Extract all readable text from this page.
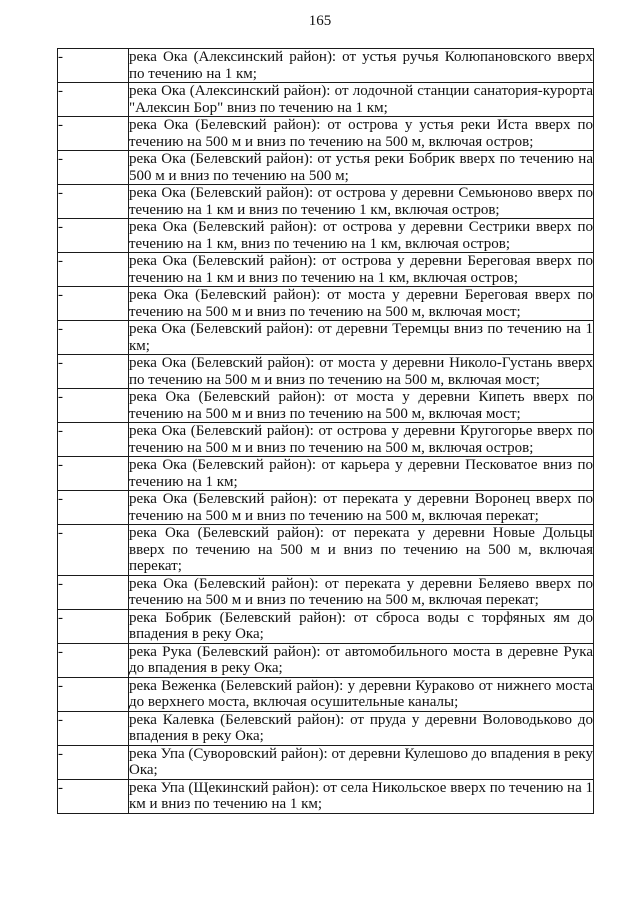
165
-	река Ока (Алексинский район): от устья ручья Колюпановского вверх по течению на 1 км;
-	река Ока (Алексинский район): от лодочной станции санатория-курорта "Алексин Бор" вниз по течению на 1 км;
-	река Ока (Белевский район): от острова у устья реки Иста вверх по течению на 500 м и вниз по течению на 500 м, включая остров;
-	река Ока (Белевский район): от устья реки Бобрик вверх по течению на 500 м и вниз по течению на 500 м;
-	река Ока (Белевский район): от острова у деревни Семьюново вверх по течению на 1 км и вниз по течению 1 км, включая остров;
-	река Ока (Белевский район): от острова у деревни Сестрики вверх по течению на 1 км, вниз по течению на 1 км, включая остров;
-	река Ока (Белевский район): от острова у деревни Береговая вверх по течению на 1 км и вниз по течению на 1 км, включая остров;
-	река Ока (Белевский район): от моста у деревни Береговая вверх по течению на 500 м и вниз по течению на 500 м, включая мост;
-	река Ока (Белевский район): от деревни Теремцы вниз по течению на 1 км;
-	река Ока (Белевский район): от моста у деревни Николо-Густань вверх по течению на 500 м и вниз по течению на 500 м, включая мост;
-	река Ока (Белевский район): от моста у деревни Кипеть вверх по течению на 500 м и вниз по течению на 500 м, включая мост;
-	река Ока (Белевский район): от острова у деревни Кругогорье вверх по течению на 500 м и вниз по течению на 500 м, включая остров;
-	река Ока (Белевский район): от карьера у деревни Песковатое вниз по течению на 1 км;
-	река Ока (Белевский район): от переката у деревни Воронец вверх по течению на 500 м и вниз по течению на 500 м, включая перекат;
-	река Ока (Белевский район): от переката у деревни Новые Дольцы вверх по течению на 500 м и вниз по течению на 500 м, включая перекат;
-	река Ока (Белевский район): от переката у деревни Беляево вверх по течению на 500 м и вниз по течению на 500 м, включая перекат;
-	река Бобрик (Белевский район): от сброса воды с торфяных ям до впадения в реку Ока;
-	река Рука (Белевский район): от автомобильного моста в деревне Рука до впадения в реку Ока;
-	река Веженка (Белевский район): у деревни Кураково от нижнего моста до верхнего моста, включая осушительные каналы;
-	река Калевка (Белевский район): от пруда у деревни Воловодьково до впадения в реку Ока;
-	река Упа (Суворовский район): от деревни Кулешово до впадения в реку Ока;
-	река Упа (Щекинский район): от села Никольское вверх по течению на 1 км и вниз по течению на 1 км;
